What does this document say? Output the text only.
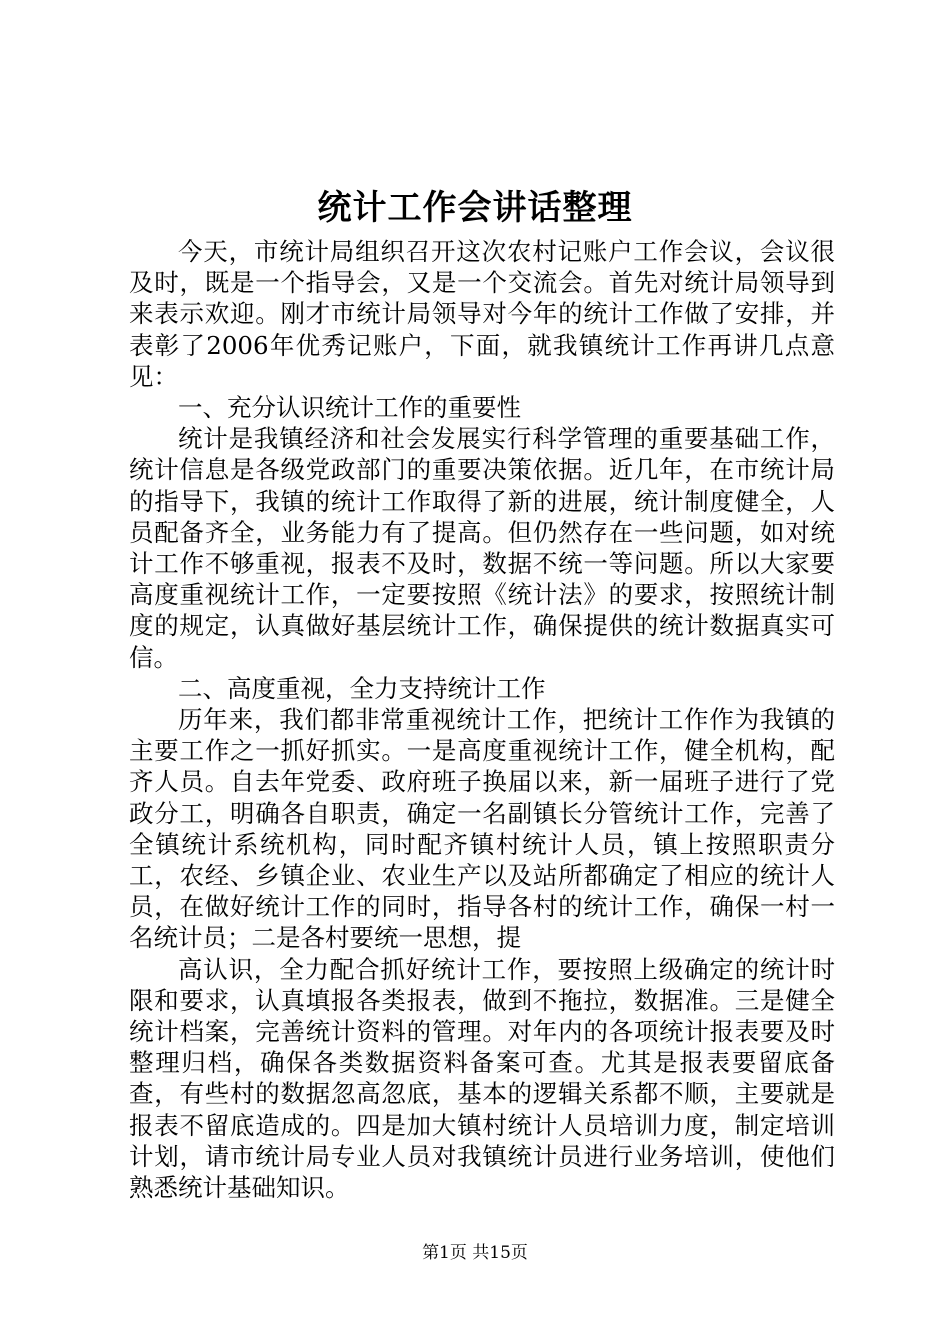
统计工作会讲话整理

今天，市统计局组织召开这次农村记账户工作会议，会议很及时，既是一个指导会，又是一个交流会。首先对统计局领导到来表示欢迎。刚才市统计局领导对今年的统计工作做了安排，并表彰了2006年优秀记账户，下面，就我镇统计工作再讲几点意见：

一、充分认识统计工作的重要性

统计是我镇经济和社会发展实行科学管理的重要基础工作，统计信息是各级党政部门的重要决策依据。近几年，在市统计局的指导下，我镇的统计工作取得了新的进展，统计制度健全，人员配备齐全，业务能力有了提高。但仍然存在一些问题，如对统计工作不够重视，报表不及时，数据不统一等问题。所以大家要高度重视统计工作，一定要按照《统计法》的要求，按照统计制度的规定，认真做好基层统计工作，确保提供的统计数据真实可信。

二、高度重视，全力支持统计工作

历年来，我们都非常重视统计工作，把统计工作作为我镇的主要工作之一抓好抓实。一是高度重视统计工作，健全机构，配齐人员。自去年党委、政府班子换届以来，新一届班子进行了党政分工，明确各自职责，确定一名副镇长分管统计工作，完善了全镇统计系统机构，同时配齐镇村统计人员，镇上按照职责分工，农经、乡镇企业、农业生产以及站所都确定了相应的统计人员，在做好统计工作的同时，指导各村的统计工作，确保一村一名统计员；二是各村要统一思想，提

高认识，全力配合抓好统计工作，要按照上级确定的统计时限和要求，认真填报各类报表，做到不拖拉，数据准。三是健全统计档案，完善统计资料的管理。对年内的各项统计报表要及时整理归档，确保各类数据资料备案可查。尤其是报表要留底备查，有些村的数据忽高忽底，基本的逻辑关系都不顺，主要就是报表不留底造成的。四是加大镇村统计人员培训力度，制定培训计划，请市统计局专业人员对我镇统计员进行业务培训，使他们熟悉统计基础知识。

第1页 共15页
